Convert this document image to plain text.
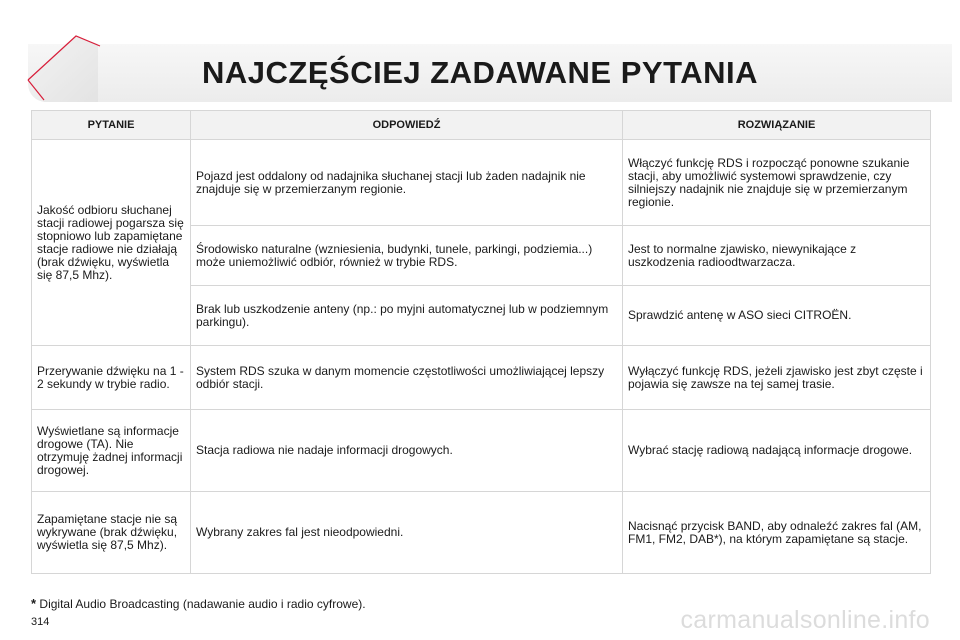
NAJCZĘŚCIEJ ZADAWANE PYTANIA
PYTANIE	ODPOWIEDŹ	ROZWIĄZANIE
Jakość odbioru słuchanej stacji radiowej pogarsza się stopniowo lub zapamiętane stacje radiowe nie działają (brak dźwięku, wyświetla się 87,5 Mhz).	Pojazd jest oddalony od nadajnika słuchanej stacji lub żaden nadajnik nie znajduje się w przemierzanym regionie.	Włączyć funkcję RDS i rozpocząć ponowne szukanie stacji, aby umożliwić systemowi sprawdzenie, czy silniejszy nadajnik nie znajduje się w przemierzanym regionie.
	Środowisko naturalne (wzniesienia, budynki, tunele, parkingi, podziemia...) może uniemożliwić odbiór, również w trybie RDS.	Jest to normalne zjawisko, niewynikające z uszkodzenia radioodtwarzacza.
	Brak lub uszkodzenie anteny (np.: po myjni automatycznej lub w podziemnym parkingu).	Sprawdzić antenę w ASO sieci CITROËN.
Przerywanie dźwięku na 1 - 2 sekundy w trybie radio.	System RDS szuka w danym momencie częstotliwości umożliwiającej lepszy odbiór stacji.	Wyłączyć funkcję RDS, jeżeli zjawisko jest zbyt częste i pojawia się zawsze na tej samej trasie.
Wyświetlane są informacje drogowe (TA). Nie otrzymuję żadnej informacji drogowej.	Stacja radiowa nie nadaje informacji drogowych.	Wybrać stację radiową nadającą informacje drogowe.
Zapamiętane stacje nie są wykrywane (brak dźwięku, wyświetla się 87,5 Mhz).	Wybrany zakres fal jest nieodpowiedni.	Nacisnąć przycisk BAND, aby odnaleźć zakres fal (AM, FM1, FM2, DAB*), na którym zapamiętane są stacje.
* Digital Audio Broadcasting (nadawanie audio i radio cyfrowe).
314	carmanualsonline.info
